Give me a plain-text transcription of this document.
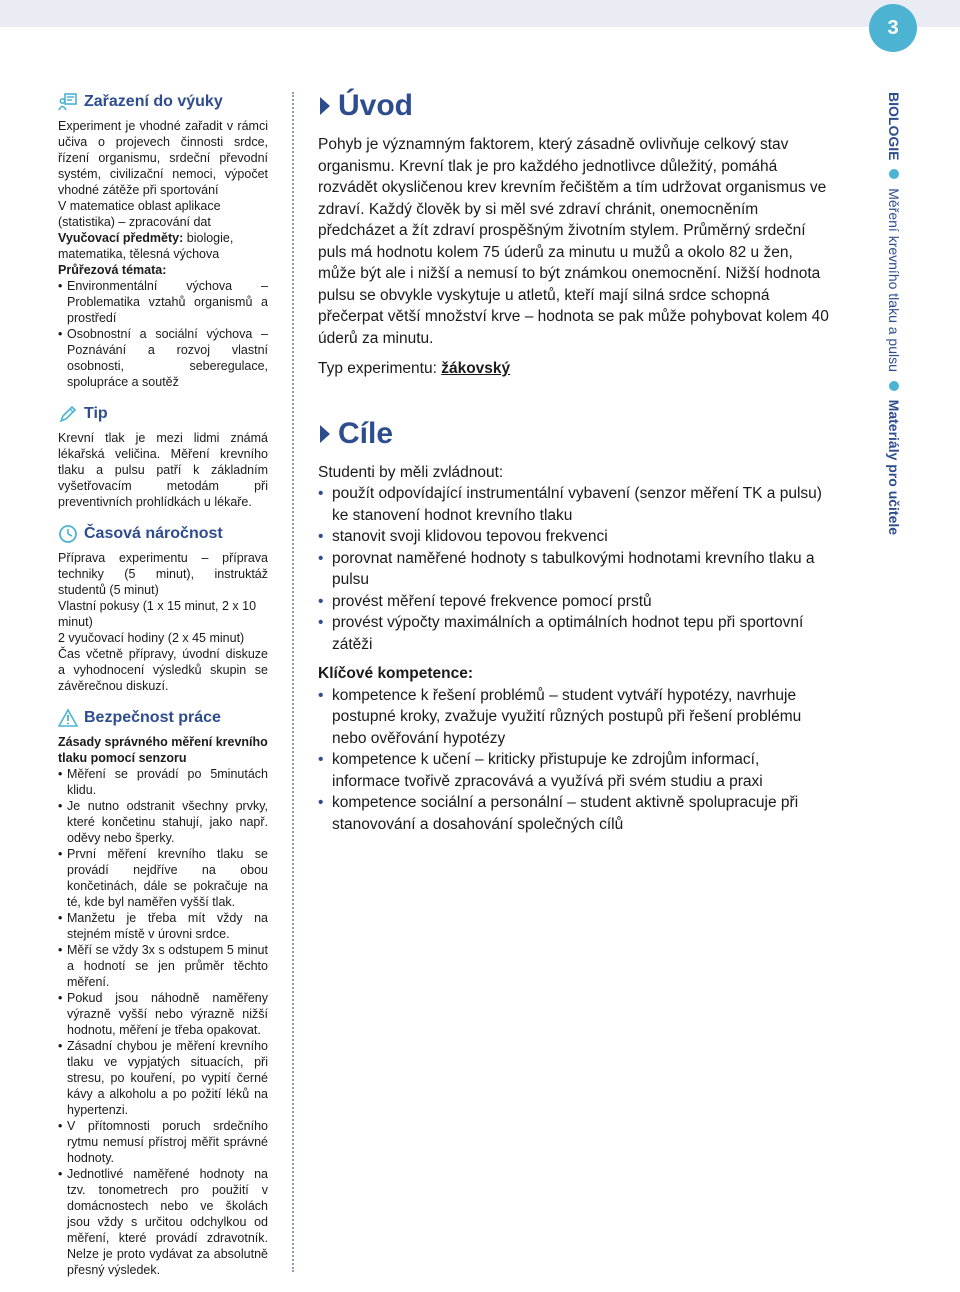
3
Zařazení do výuky

Experiment je vhodné zařadit v rámci učiva o projevech činnosti srdce, řízení organismu, srdeční převodní systém, civilizační nemoci, výpočet vhodné zátěže při sportování

V matematice oblast aplikace (statistika) – zpracování dat

Vyučovací předměty: biologie, matematika, tělesná výchova

Průřezová témata:

• Environmentální výchova – Problematika vztahů organismů a prostředí
• Osobnostní a sociální výchova – Poznávání a rozvoj vlastní osobnosti, seberegulace, spolupráce a soutěž
Tip

Krevní tlak je mezi lidmi známá lékařská veličina. Měření krevního tlaku a pulsu patří k základním vyšetřovacím metodám při preventivních prohlídkách u lékaře.

Časová náročnost

Příprava experimentu – příprava techniky (5 minut), instruktáž studentů (5 minut)

Vlastní pokusy (1 x 15 minut, 2 x 10 minut)

2 vyučovací hodiny (2 x 45 minut)

Čas včetně přípravy, úvodní diskuze a vyhodnocení výsledků skupin se závěrečnou diskuzí.

Bezpečnost práce

Zásady správného měření krevního tlaku pomocí senzoru

• Měření se provádí po 5minutách klidu.
• Je nutno odstranit všechny prvky, které končetinu stahují, jako např. oděvy nebo šperky.
• První měření krevního tlaku se provádí nejdříve na obou končetinách, dále se pokračuje na té, kde byl naměřen vyšší tlak.
• Manžetu je třeba mít vždy na stejném místě v úrovni srdce.
• Měří se vždy 3x s odstupem 5 minut a hodnotí se jen průměr těchto měření.
• Pokud jsou náhodně naměřeny výrazně vyšší nebo výrazně nižší hodnotu, měření je třeba opakovat.
• Zásadní chybou je měření krevního tlaku ve vypjatých situacích, při stresu, po kouření, po vypití černé kávy a alkoholu a po požití léků na hypertenzi.
• V přítomnosti poruch srdečního rytmu nemusí přístroj měřit správné hodnoty.
• Jednotlivé naměřené hodnoty na tzv. tonometrech pro použití v domácnostech nebo ve školách jsou vždy s určitou odchylkou od měření, které provádí zdravotník. Nelze je proto vydávat za absolutně přesný výsledek.
Úvod

Pohyb je významným faktorem, který zásadně ovlivňuje celkový stav organismu. Krevní tlak je pro každého jednotlivce důležitý, pomáhá rozvádět okysličenou krev krevním řečištěm a tím udržovat organismus ve zdraví. Každý člověk by si měl své zdraví chránit, onemocněním předcházet a žít zdraví prospěšným životním stylem. Průměrný srdeční puls má hodnotu kolem 75 úderů za minutu u mužů a okolo 82 u žen, může být ale i nižší a nemusí to být známkou onemocnění. Nižší hodnota pulsu se obvykle vyskytuje u atletů, kteří mají silná srdce schopná přečerpat větší množství krve – hodnota se pak může pohybovat kolem 40 úderů za minutu.

Typ experimentu: žákovský

Cíle

Studenti by měli zvládnout:

• použít odpovídající instrumentální vybavení (senzor měření TK a pulsu) ke stanovení hodnot krevního tlaku
• stanovit svoji klidovou tepovou frekvenci
• porovnat naměřené hodnoty s tabulkovými hodnotami krevního tlaku a pulsu
• provést měření tepové frekvence pomocí prstů
• provést výpočty maximálních a optimálních hodnot tepu při sportovní zátěži

Klíčové kompetence:

• kompetence k řešení problémů – student vytváří hypotézy, navrhuje postupné kroky, zvažuje využití různých postupů při řešení problému nebo ověřování hypotézy
• kompetence k učení – kriticky přistupuje ke zdrojům informací, informace tvořivě zpracovává a využívá při svém studiu a praxi
• kompetence sociální a personální – student aktivně spolupracuje při stanovování a dosahování společných cílů
BIOLOGIE  Měření krevního tlaku a pulsu  Materiály pro učitele
